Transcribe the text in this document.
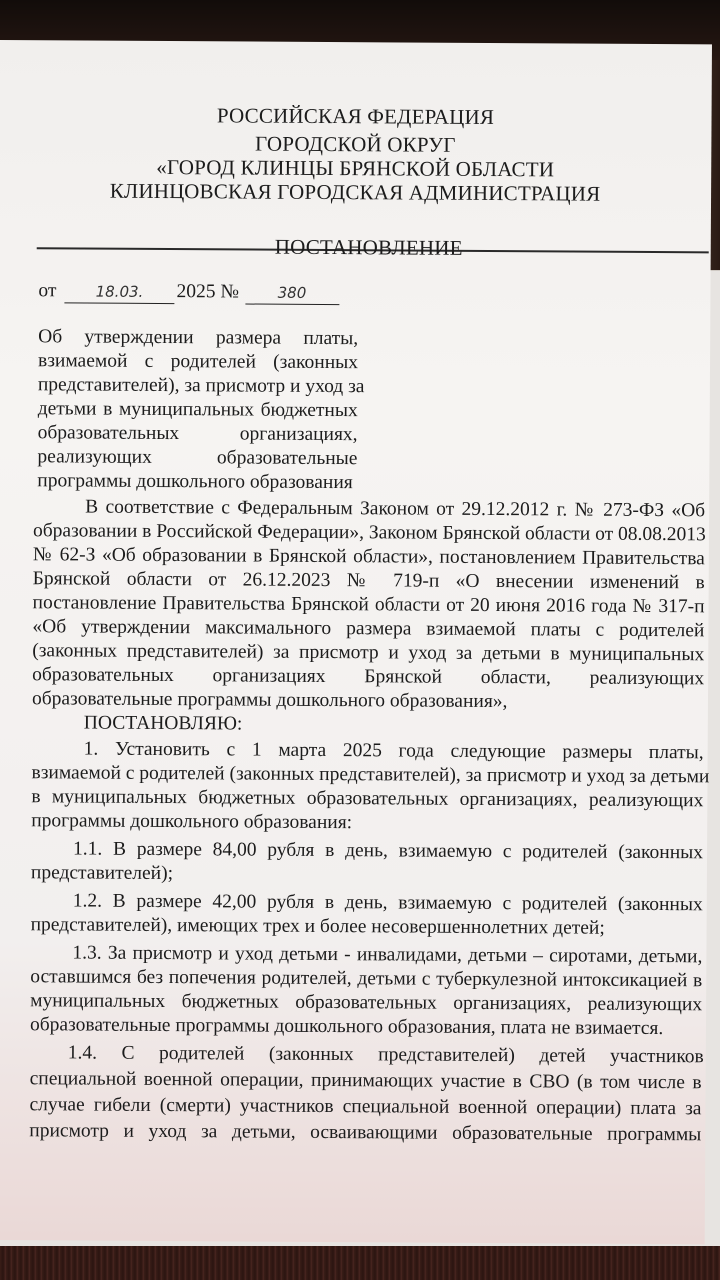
РОССИЙСКАЯ ФЕДЕРАЦИЯ
ГОРОДСКОЙ ОКРУГ
«ГОРОД КЛИНЦЫ БРЯНСКОЙ ОБЛАСТИ
КЛИНЦОВСКАЯ ГОРОДСКАЯ АДМИНИСТРАЦИЯ
ПОСТАНОВЛЕНИЕ
от	18.03.	2025 №	380
Об утверждении размера платы,
взимаемой с родителей (законных
представителей), за присмотр и уход за
детьми в муниципальных бюджетных
образовательных организациях,
реализующих образовательные
программы дошкольного образования
В соответствие с Федеральным Законом от 29.12.2012 г. № 273-ФЗ «Об
образовании в Российской Федерации», Законом Брянской области от 08.08.2013
№ 62-З «Об образовании в Брянской области», постановлением Правительства
Брянской области от 26.12.2023 № 719-п «О внесении изменений в
постановление Правительства Брянской области от 20 июня 2016 года № 317-п
«Об утверждении максимального размера взимаемой платы с родителей
(законных представителей) за присмотр и уход за детьми в муниципальных
образовательных организациях Брянской области, реализующих
образовательные программы дошкольного образования»,
ПОСТАНОВЛЯЮ:
1. Установить с 1 марта 2025 года следующие размеры платы,
взимаемой с родителей (законных представителей), за присмотр и уход за детьми
в муниципальных бюджетных образовательных организациях, реализующих
программы дошкольного образования:
1.1. В размере 84,00 рубля в день, взимаемую с родителей (законных
представителей);
1.2. В размере 42,00 рубля в день, взимаемую с родителей (законных
представителей), имеющих трех и более несовершеннолетних детей;
1.3. За присмотр и уход детьми - инвалидами, детьми – сиротами, детьми,
оставшимся без попечения родителей, детьми с туберкулезной интоксикацией в
муниципальных бюджетных образовательных организациях, реализующих
образовательные программы дошкольного образования, плата не взимается.
1.4. С родителей (законных представителей) детей участников
специальной военной операции, принимающих участие в СВО (в том числе в
случае гибели (смерти) участников специальной военной операции) плата за
присмотр и уход за детьми, осваивающими образовательные программы
